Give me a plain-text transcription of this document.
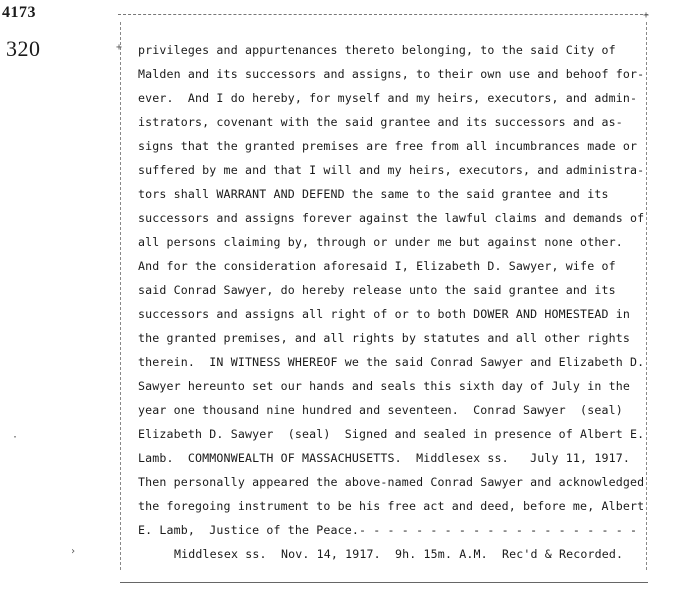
4173
320
+
+
·
›
privileges and appurtenances thereto belonging, to the said City of
Malden and its successors and assigns, to their own use and behoof for-
ever.  And I do hereby, for myself and my heirs, executors, and admin-
istrators, covenant with the said grantee and its successors and as-
signs that the granted premises are free from all incumbrances made or
suffered by me and that I will and my heirs, executors, and administra-
tors shall WARRANT AND DEFEND the same to the said grantee and its
successors and assigns forever against the lawful claims and demands of
all persons claiming by, through or under me but against none other.
And for the consideration aforesaid I, Elizabeth D. Sawyer, wife of
said Conrad Sawyer, do hereby release unto the said grantee and its
successors and assigns all right of or to both DOWER AND HOMESTEAD in
the granted premises, and all rights by statutes and all other rights
therein.  IN WITNESS WHEREOF we the said Conrad Sawyer and Elizabeth D.
Sawyer hereunto set our hands and seals this sixth day of July in the
year one thousand nine hundred and seventeen.  Conrad Sawyer  (seal)
Elizabeth D. Sawyer  (seal)  Signed and sealed in presence of Albert E.
Lamb.  COMMONWEALTH OF MASSACHUSETTS.  Middlesex ss.   July 11, 1917.
Then personally appeared the above-named Conrad Sawyer and acknowledged
the foregoing instrument to be his free act and deed, before me, Albert
E. Lamb,  Justice of the Peace.- - - - - - - - - - - - - - - - - - - -
Middlesex ss.  Nov. 14, 1917.  9h. 15m. A.M.  Rec'd & Recorded.
